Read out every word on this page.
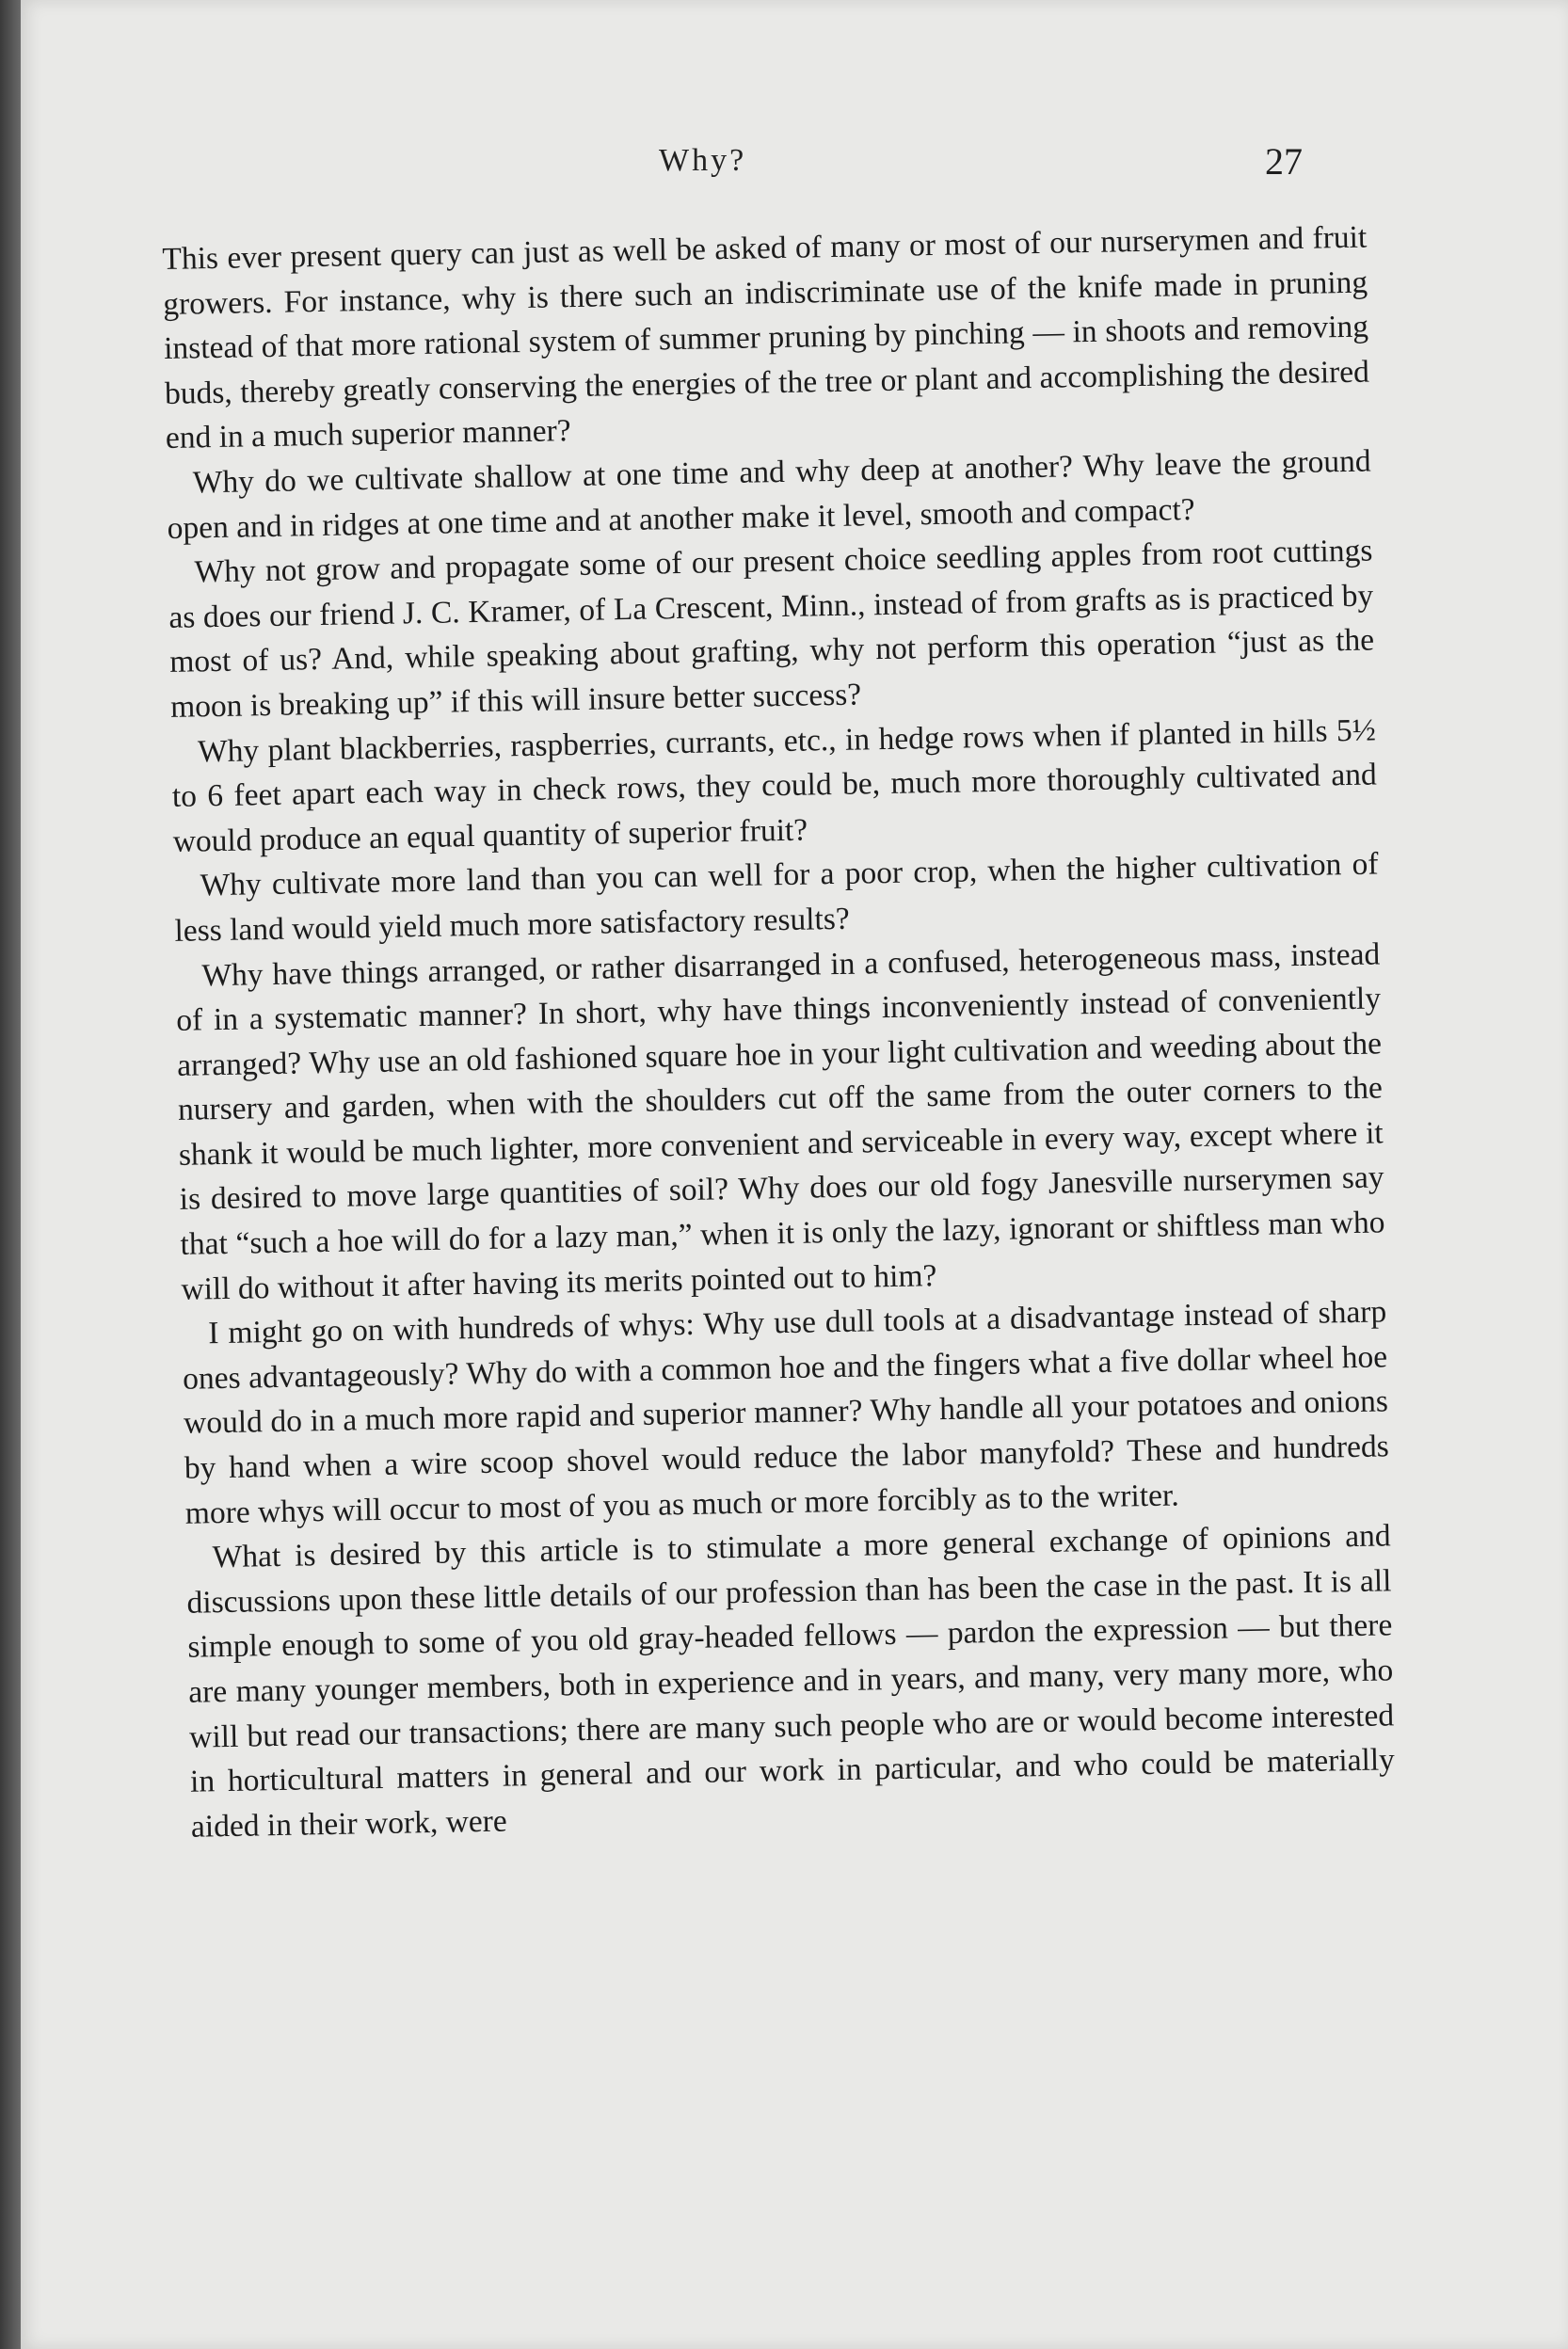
Why?	27

This ever present query can just as well be asked of many or most of our nurserymen and fruit growers. For instance, why is there such an indiscriminate use of the knife made in pruning instead of that more rational system of summer pruning by pinching — in shoots and removing buds, thereby greatly conserving the energies of the tree or plant and accomplishing the desired end in a much superior manner?

Why do we cultivate shallow at one time and why deep at another? Why leave the ground open and in ridges at one time and at another make it level, smooth and compact?

Why not grow and propagate some of our present choice seedling apples from root cuttings as does our friend J. C. Kramer, of La Crescent, Minn., instead of from grafts as is practiced by most of us? And, while speaking about grafting, why not perform this operation “just as the moon is breaking up” if this will insure better success?

Why plant blackberries, raspberries, currants, etc., in hedge rows when if planted in hills 5½ to 6 feet apart each way in check rows, they could be, much more thoroughly cultivated and would produce an equal quantity of superior fruit?

Why cultivate more land than you can well for a poor crop, when the higher cultivation of less land would yield much more satisfactory results?

Why have things arranged, or rather disarranged in a confused, heterogeneous mass, instead of in a systematic manner? In short, why have things inconveniently instead of conveniently arranged? Why use an old fashioned square hoe in your light cultivation and weeding about the nursery and garden, when with the shoulders cut off the same from the outer corners to the shank it would be much lighter, more convenient and serviceable in every way, except where it is desired to move large quantities of soil? Why does our old fogy Janesville nurserymen say that “such a hoe will do for a lazy man,” when it is only the lazy, ignorant or shiftless man who will do without it after having its merits pointed out to him?

I might go on with hundreds of whys: Why use dull tools at a disadvantage instead of sharp ones advantageously? Why do with a common hoe and the fingers what a five dollar wheel hoe would do in a much more rapid and superior manner? Why handle all your potatoes and onions by hand when a wire scoop shovel would reduce the labor manyfold? These and hundreds more whys will occur to most of you as much or more forcibly as to the writer.

What is desired by this article is to stimulate a more general exchange of opinions and discussions upon these little details of our profession than has been the case in the past. It is all simple enough to some of you old gray-headed fellows — pardon the expression — but there are many younger members, both in experience and in years, and many, very many more, who will but read our transactions; there are many such people who are or would become interested in horticultural matters in general and our work in particular, and who could be materially aided in their work, were
